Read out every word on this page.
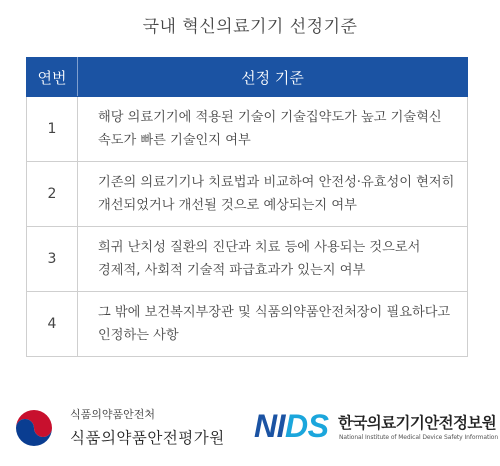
국내 혁신의료기기 선정기준
연번	선정 기준
1	해당 의료기기에 적용된 기술이 기술집약도가 높고 기술혁신 속도가 빠른 기술인지 여부
2	기존의 의료기기나 치료법과 비교하여 안전성·유효성이 현저히 개선되었거나 개선될 것으로 예상되는지 여부
3	희귀 난치성 질환의 진단과 치료 등에 사용되는 것으로서 경제적, 사회적 기술적 파급효과가 있는지 여부
4	그 밖에 보건복지부장관 및 식품의약품안전처장이 필요하다고 인정하는 사항
식품의약품안전처
식품의약품안전평가원 NIDS 한국의료기기안전정보원
National Institute of Medical Device Safety Information
